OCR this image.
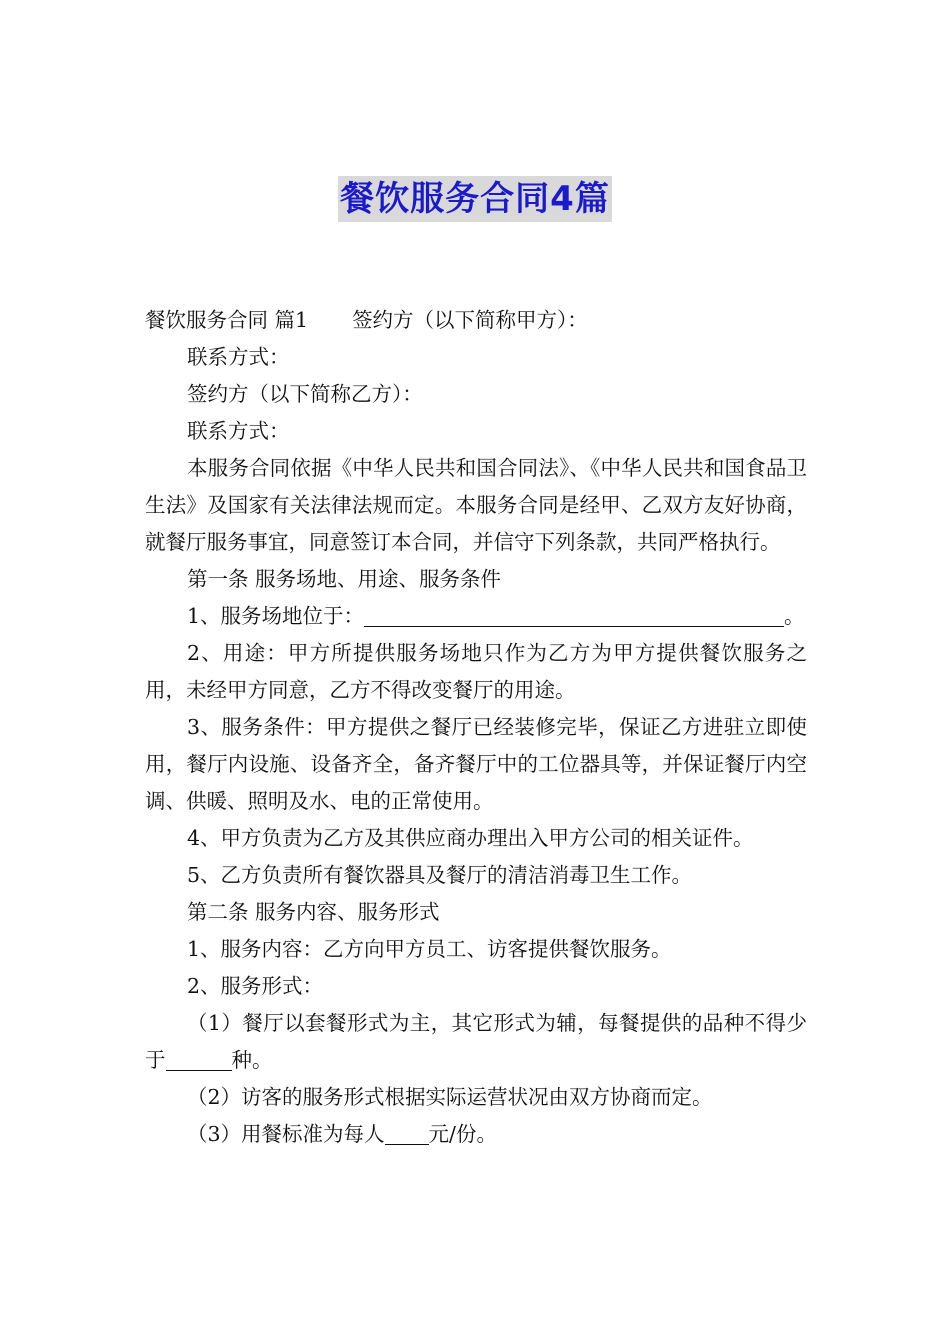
餐饮服务合同4篇

餐饮服务合同 篇1 签约方（以下简称甲方）：

联系方式：

签约方（以下简称乙方）：

联系方式：

本服务合同依据《中华人民共和国合同法》、《中华人民共和国食品卫生法》及国家有关法律法规而定。本服务合同是经甲、乙双方友好协商，就餐厅服务事宜，同意签订本合同，并信守下列条款，共同严格执行。

第一条 服务场地、用途、服务条件

1、服务场地位于：	。

2、用途：甲方所提供服务场地只作为乙方为甲方提供餐饮服务之用，未经甲方同意，乙方不得改变餐厅的用途。

3、服务条件：甲方提供之餐厅已经装修完毕，保证乙方进驻立即使用，餐厅内设施、设备齐全，备齐餐厅中的工位器具等，并保证餐厅内空调、供暖、照明及水、电的正常使用。

4、甲方负责为乙方及其供应商办理出入甲方公司的相关证件。

5、乙方负责所有餐饮器具及餐厅的清洁消毒卫生工作。

第二条 服务内容、服务形式

1、服务内容：乙方向甲方员工、访客提供餐饮服务。

2、服务形式：

（1）餐厅以套餐形式为主，其它形式为辅，每餐提供的品种不得少于	种。

（2）访客的服务形式根据实际运营状况由双方协商而定。

（3）用餐标准为每人 元/份。
